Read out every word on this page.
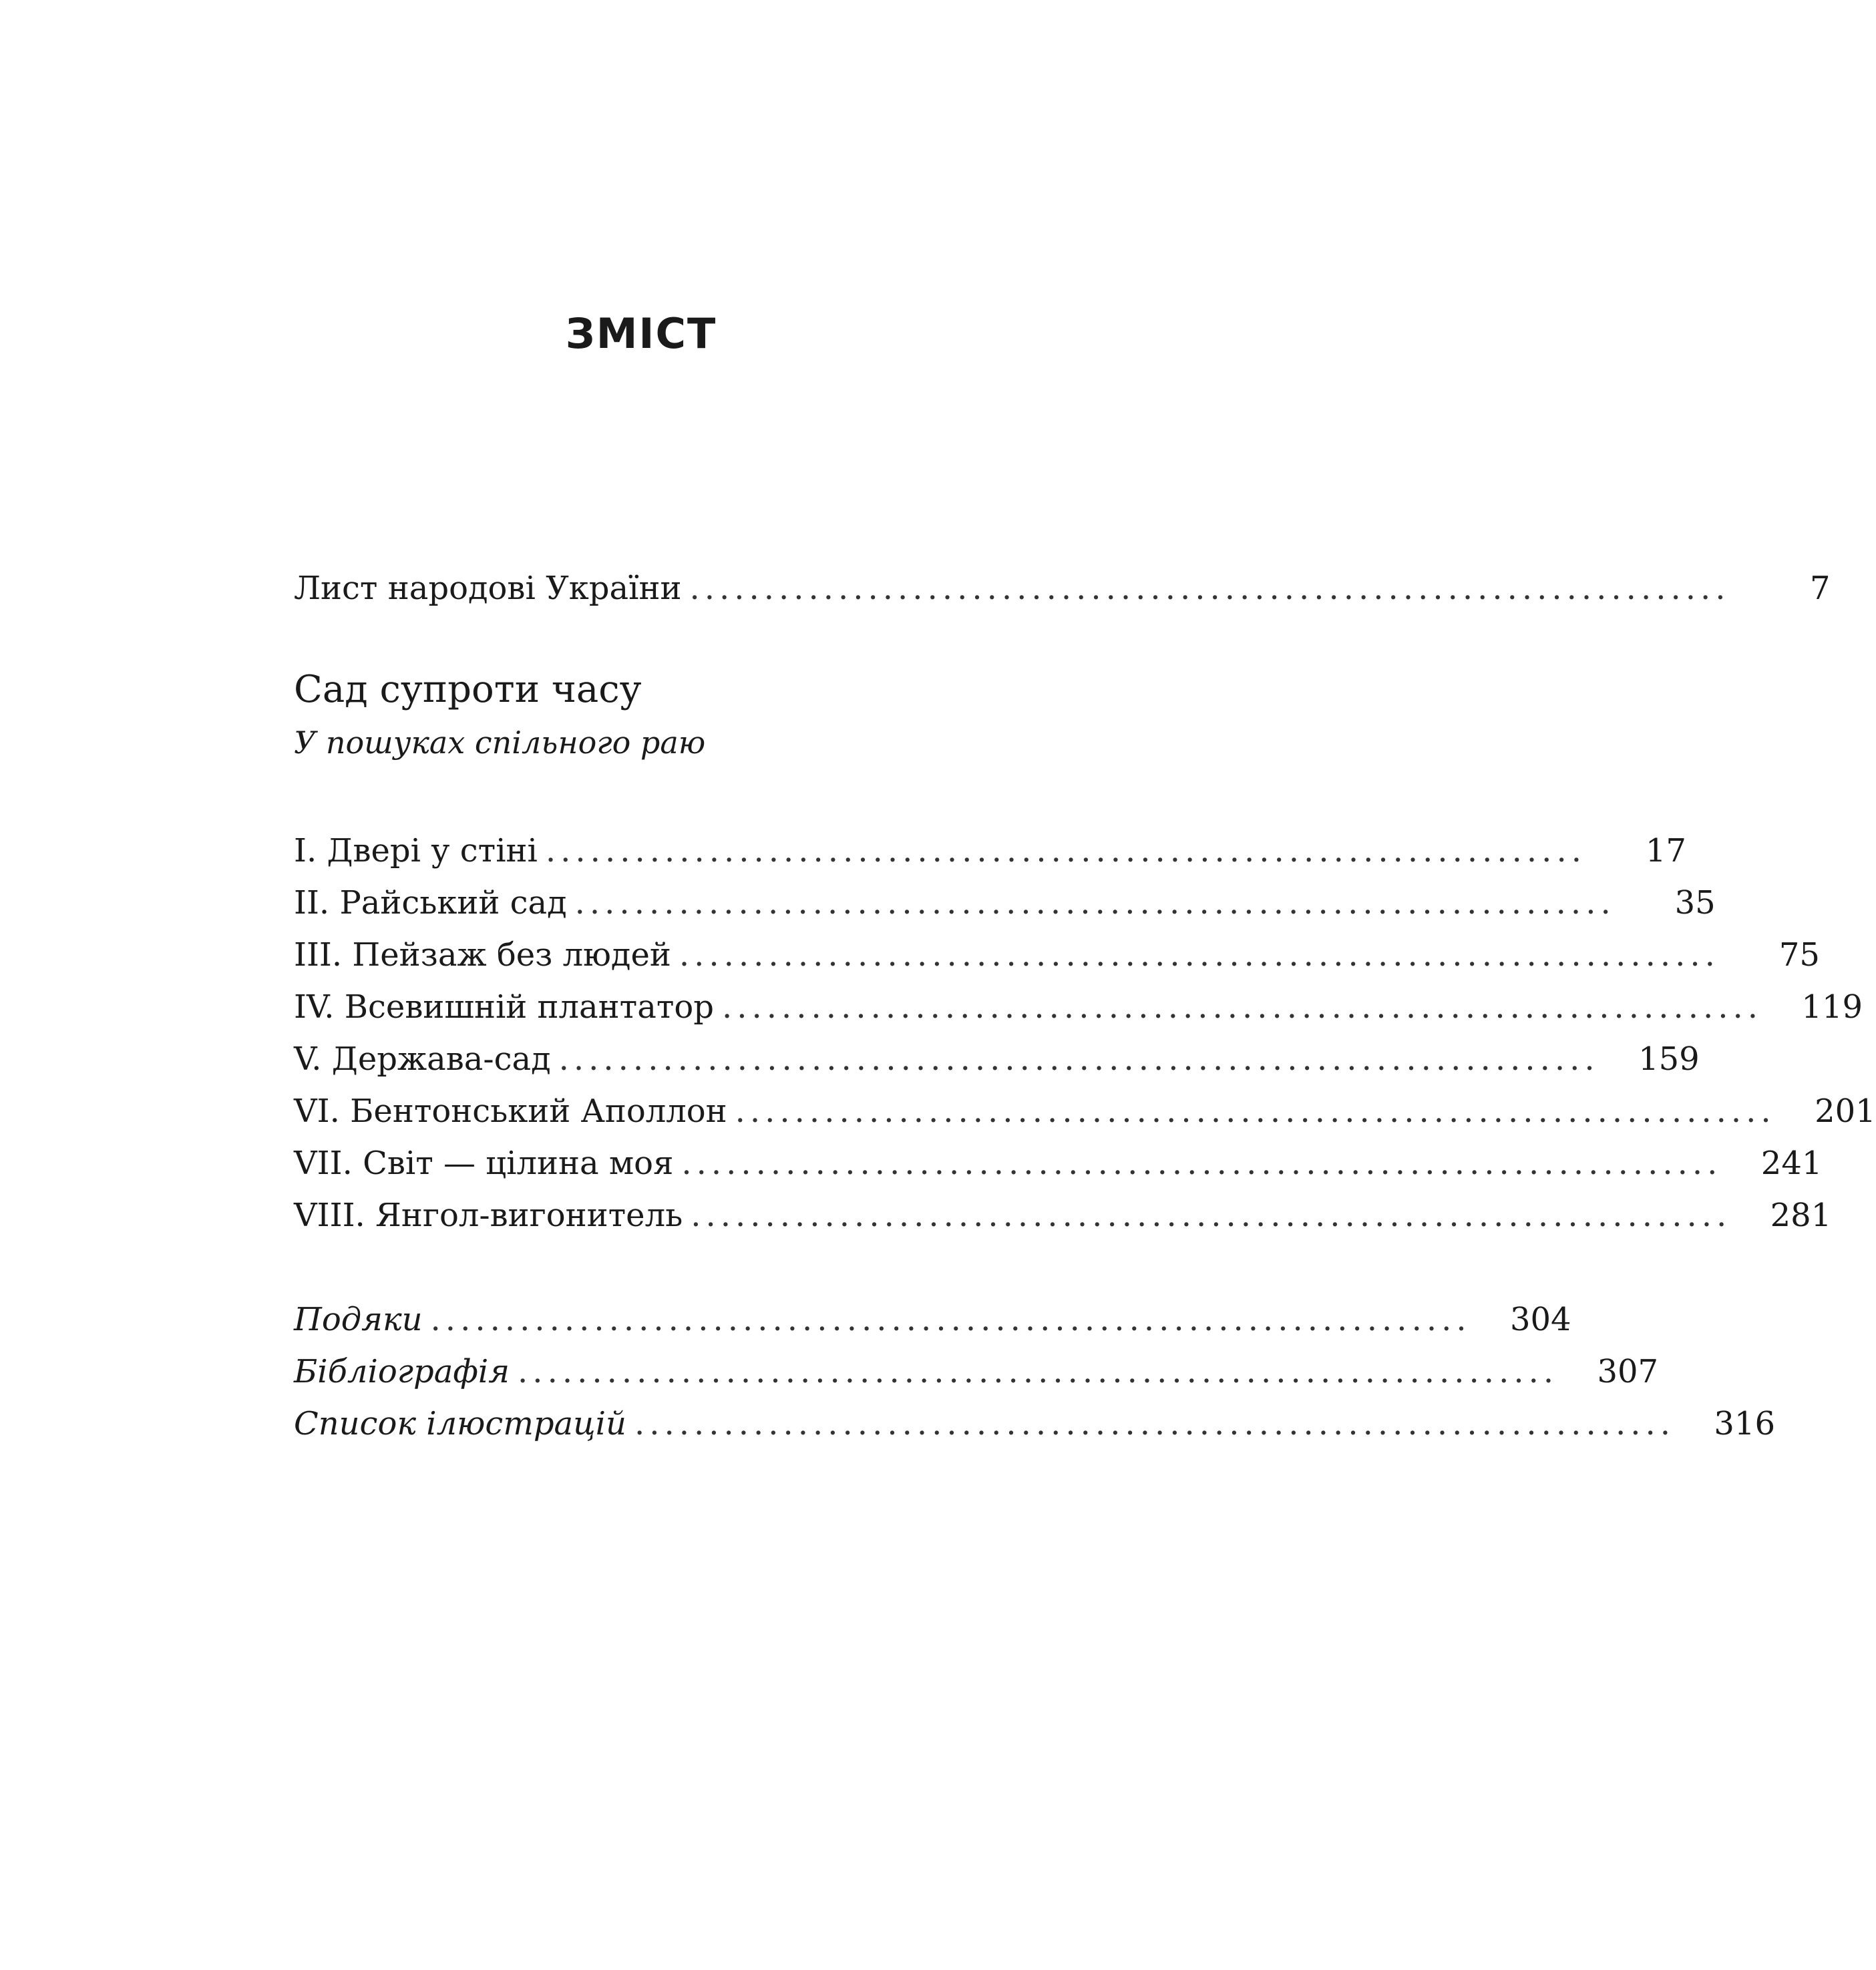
ЗМІСТ
Лист народові України ......................................................................	7
Сад супроти часу
У пошуках спільного раю
I. Двері у стіні ......................................................................	17
II. Райський сад ......................................................................	35
III. Пейзаж без людей ......................................................................	75
IV. Всевишній плантатор ......................................................................	119
V. Держава-сад ......................................................................	159
VI. Бентонський Аполлон ......................................................................	201
VII. Світ — цілина моя ......................................................................	241
VIII. Янгол-вигонитель ......................................................................	281
Подяки ......................................................................	304
Бібліографія ......................................................................	307
Список ілюстрацій ......................................................................	316
